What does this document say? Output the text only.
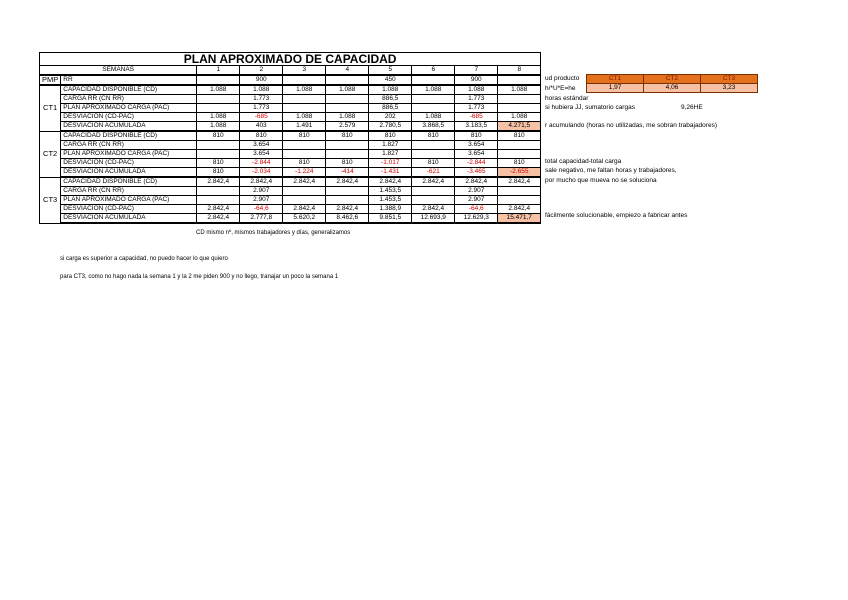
PLAN APROXIMADO DE CAPACIDAD									
SEMANAS		1	2	3	4	5	6	7	8
PMP	RR		900			450		900	
CT1	CAPACIDAD DISPONIBLE (CD)	1.088	1.088	1.088	1.088	1.088	1.088	1.088	1.088
	CARGA RR (CN RR)		1.773			886,5		1.773	
	PLAN APROXIMADO CARGA (PAC)		1.773			886,5		1.773	
	DESVIACION (CD-PAC)	1.088	-685	1.088	1.088	202	1.088	-685	1.088
	DESVIACION ACUMULADA	1.088	403	1.491	2.579	2.780,5	3.868,5	3.183,5	4.271,5
CT2	CAPACIDAD DISPONIBLE (CD)	810	810	810	810	810	810	810	810
	CARGA RR (CN RR)		3.654			1.827		3.654	
	PLAN APROXIMADO CARGA (PAC)		3.654			1.827		3.654	
	DESVIACION (CD-PAC)	810	-2.844	810	810	-1.017	810	-2.844	810
	DESVIACION ACUMULADA	810	-2.034	-1.224	-414	-1.431	-621	-3.465	-2.655
CT3	CAPACIDAD DISPONIBLE (CD)	2.842,4	2.842,4	2.842,4	2.842,4	2.842,4	2.842,4	2.842,4	2.842,4
	CARGA RR (CN RR)		2.907			1.453,5		2.907	
	PLAN APROXIMADO CARGA (PAC)		2.907			1.453,5		2.907	
	DESVIACION (CD-PAC)	2.842,4	-64,6	2.842,4	2.842,4	1.388,9	2.842,4	-64,6	2.842,4
	DESVIACION ACUMULADA	2.842,4	2.777,8	5.620,2	8.462,6	9.851,5	12.693,9	12.629,3	15.471,7
ud producto
h/*U*E=he
horas estándar
si hubiera JJ, sumatorio cargas	9,26HE
r acumulando (horas no utilizadas, me sobran trabajadores)
total capacidad-total carga
sale negativo, me faltan horas y trabajadores,
por mucho que mueva no se soluciona
fácilmente solucionable, empiezo a fabricar antes
CT1	CT2	CT3
1,97	4,06	3,23
CD mismo nº, mismos trabajadores y días, generalizamos
si carga es superior a capacidad, no puedo hacer lo que quiero
para CT3, como no hago nada la semana 1 y la 2 me piden 900 y no llego, tranajar un poco la semana 1
